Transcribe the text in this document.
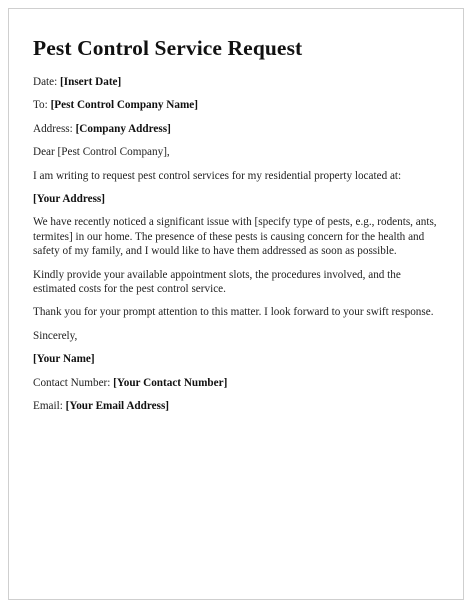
Pest Control Service Request

Date: [Insert Date]

To: [Pest Control Company Name]

Address: [Company Address]

Dear [Pest Control Company],

I am writing to request pest control services for my residential property located at:

[Your Address]

We have recently noticed a significant issue with [specify type of pests, e.g., rodents, ants, termites] in our home. The presence of these pests is causing concern for the health and safety of my family, and I would like to have them addressed as soon as possible.

Kindly provide your available appointment slots, the procedures involved, and the estimated costs for the pest control service.

Thank you for your prompt attention to this matter. I look forward to your swift response.

Sincerely,

[Your Name]

Contact Number: [Your Contact Number]

Email: [Your Email Address]
